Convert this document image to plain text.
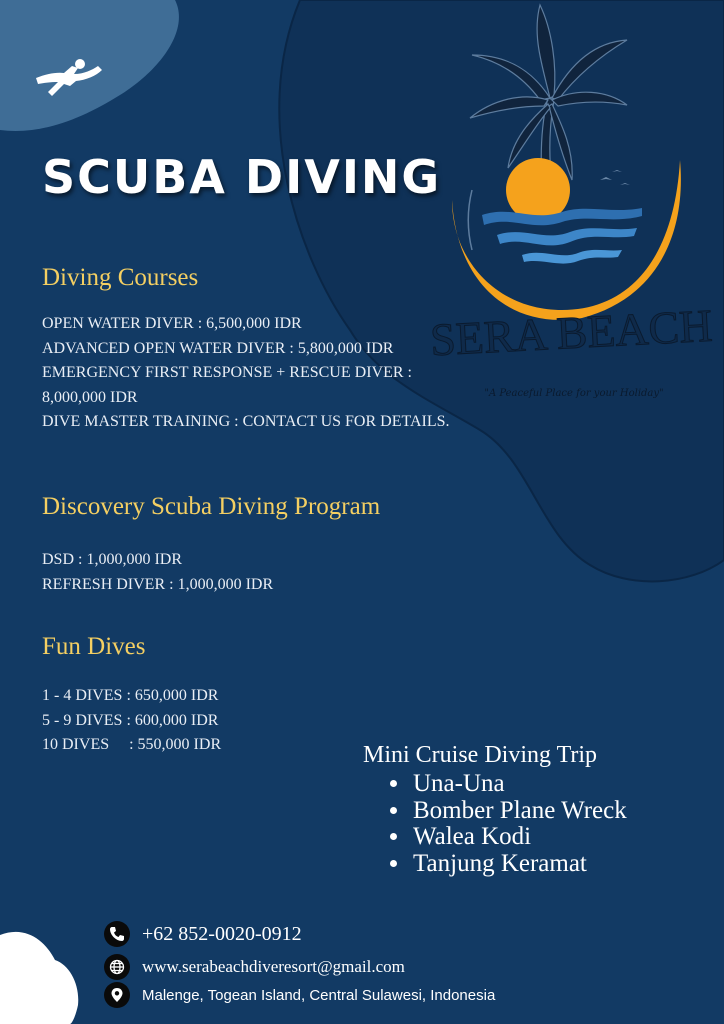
SCUBA DIVING
SERA BEACH
"A Peaceful Place for your Holiday"
Diving Courses
OPEN WATER DIVER : 6,500,000 IDR
ADVANCED OPEN WATER DIVER : 5,800,000 IDR
EMERGENCY FIRST RESPONSE + RESCUE DIVER : 8,000,000 IDR
DIVE MASTER TRAINING : CONTACT US FOR DETAILS.
Discovery Scuba Diving Program
DSD : 1,000,000 IDR
REFRESH DIVER : 1,000,000 IDR
Fun Dives
1 - 4 DIVES : 650,000 IDR
5 - 9 DIVES : 600,000 IDR
10 DIVES     : 550,000 IDR	Mini Cruise Diving Trip

• Una-Una
• Bomber Plane Wreck
• Walea Kodi
• Tanjung Keramat
+62 852-0020-0912
www.serabeachdiveresort@gmail.com
Malenge, Togean Island, Central Sulawesi, Indonesia
